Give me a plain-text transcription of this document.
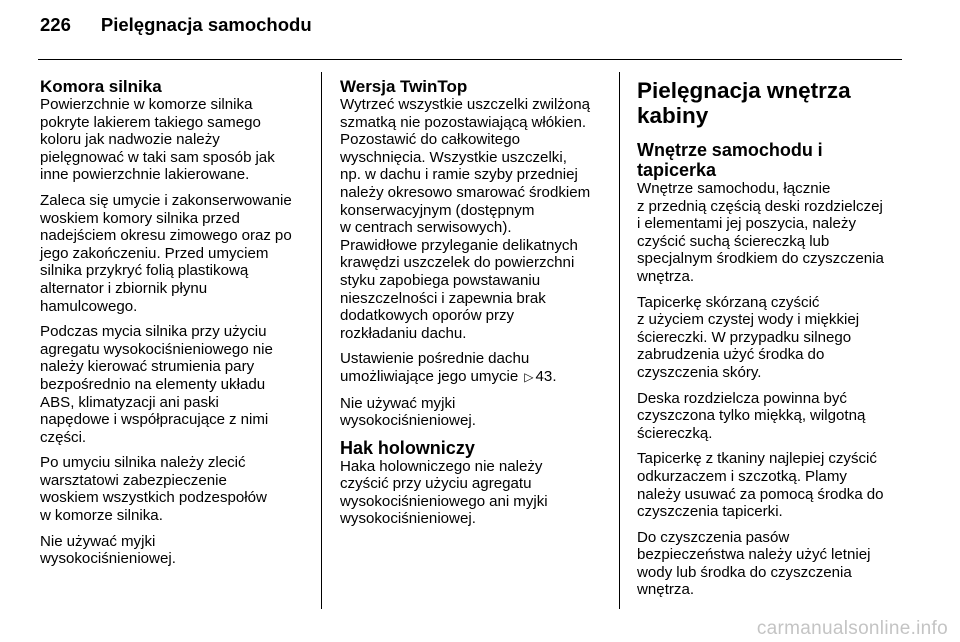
226 Pielęgnacja samochodu
Komora silnika

Powierzchnie w komorze silnika
pokryte lakierem takiego samego
koloru jak nadwozie należy
pielęgnować w taki sam sposób jak
inne powierzchnie lakierowane.

Zaleca się umycie i zakonserwowanie
woskiem komory silnika przed
nadejściem okresu zimowego oraz po
jego zakończeniu. Przed umyciem
silnika przykryć folią plastikową
alternator i zbiornik płynu
hamulcowego.

Podczas mycia silnika przy użyciu
agregatu wysokociśnieniowego nie
należy kierować strumienia pary
bezpośrednio na elementy układu
ABS, klimatyzacji ani paski
napędowe i współpracujące z nimi
części.

Po umyciu silnika należy zlecić
warsztatowi zabezpieczenie
woskiem wszystkich podzespołów
w komorze silnika.

Nie używać myjki
wysokociśnieniowej.

Wersja TwinTop

Wytrzeć wszystkie uszczelki zwilżoną
szmatką nie pozostawiającą włókien.
Pozostawić do całkowitego
wyschnięcia. Wszystkie uszczelki,
np. w dachu i ramie szyby przedniej
należy okresowo smarować środkiem
konserwacyjnym (dostępnym
w centrach serwisowych).
Prawidłowe przyleganie delikatnych
krawędzi uszczelek do powierzchni
styku zapobiega powstawaniu
nieszczelności i zapewnia brak
dodatkowych oporów przy
rozkładaniu dachu.

Ustawienie pośrednie dachu
umożliwiające jego umycie ▷ 43.

Nie używać myjki
wysokociśnieniowej.

Hak holowniczy

Haka holowniczego nie należy
czyścić przy użyciu agregatu
wysokociśnieniowego ani myjki
wysokociśnieniowej.

Pielęgnacja wnętrza
kabiny
Wnętrze samochodu i tapicerka

Wnętrze samochodu, łącznie
z przednią częścią deski rozdzielczej
i elementami jej poszycia, należy
czyścić suchą ściereczką lub
specjalnym środkiem do czyszczenia
wnętrza.

Tapicerkę skórzaną czyścić
z użyciem czystej wody i miękkiej
ściereczki. W przypadku silnego
zabrudzenia użyć środka do
czyszczenia skóry.

Deska rozdzielcza powinna być
czyszczona tylko miękką, wilgotną
ściereczką.

Tapicerkę z tkaniny najlepiej czyścić
odkurzaczem i szczotką. Plamy
należy usuwać za pomocą środka do
czyszczenia tapicerki.

Do czyszczenia pasów
bezpieczeństwa należy użyć letniej
wody lub środka do czyszczenia
wnętrza.

carmanualsonline.info
